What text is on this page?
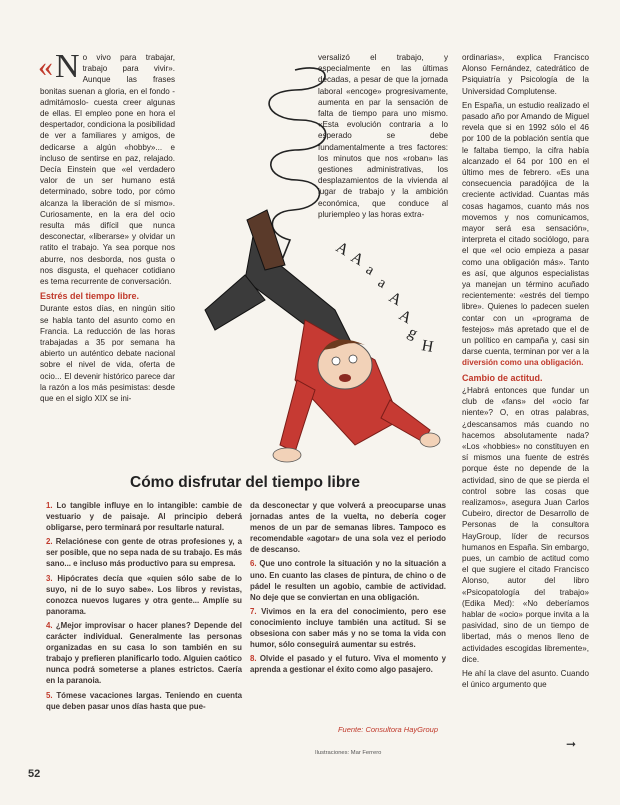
« N o vivo para trabajar, trabajo para vivir». Aunque las frases bonitas suenan a gloria, en el fondo -admitámoslo- cuesta creer algunas de ellas. El empleo pone en hora el despertador, condiciona la posibilidad de ver a familiares y amigos, de dedicarse a algún «hobby»... e incluso de sentirse en paz, relajado. Decía Einstein que «el verdadero valor de un ser humano está determinado, sobre todo, por cómo alcanza la liberación de sí mismo». Curiosamente, en la era del ocio resulta más difícil que nunca desconectar, «liberarse» y olvidar un ratito el trabajo. Ya sea porque nos aburre, nos desborda, nos gusta o nos disgusta, el quehacer cotidiano es tema recurrente de conversación.

Estrés del tiempo libre.

Durante estos días, en ningún sitio se habla tanto del asunto como en Francia. La reducción de las horas trabajadas a 35 por semana ha abierto un auténtico debate nacional sobre el nivel de vida, oferta de ocio... El devenir histórico parece dar la razón a los más pesimistas: desde que en el siglo XIX se ini-

versalizó el trabajo, y especialmente en las últimas décadas, a pesar de que la jornada laboral «encoge» progresivamente, aumenta en par la sensación de falta de tiempo para uno mismo. «Esta evolución contraria a lo esperado se debe fundamentalmente a tres factores: los minutos que nos «roban» las gestiones administrativas, los desplazamientos de la vivienda al lugar de trabajo y la ambición económica, que conduce al pluriempleo y las horas extra-

ordinarias», explica Francisco Alonso Fernández, catedrático de Psiquiatría y Psicología de la Universidad Complutense.

En España, un estudio realizado el pasado año por Amando de Miguel revela que si en 1992 sólo el 46 por 100 de la población sentía que le faltaba tiempo, la cifra había alcanzado el 64 por 100 en el último mes de febrero. «Es una consecuencia paradójica de la creciente actividad. Cuantas más cosas hagamos, cuanto más nos movemos y nos comunicamos, mayor será esa sensación», interpreta el citado sociólogo, para el que «el ocio empieza a pasar como una obligación más». Tanto es así, que algunos especialistas ya manejan un término acuñado recientemente: «estrés del tiempo libre». Quienes lo padecen suelen contar con un «programa de festejos» más apretado que el de un político en campaña y, casi sin darse cuenta, terminan por ver a la diversión como una obligación.

Cambio de actitud.

¿Habrá entonces que fundar un club de «fans» del «ocio far niente»? O, en otras palabras, ¿descansamos más cuando no hacemos absolutamente nada? «Los «hobbies» no constituyen en sí mismos una fuente de estrés porque éste no depende de la actividad, sino de que se pierda el control sobre las cosas que realizamos», asegura Juan Carlos Cubeiro, director de Desarrollo de Personas de la consultora HayGroup, líder de recursos humanos en España. Sin embargo, pues, un cambio de actitud como el que sugiere el citado Francisco Alonso, autor del libro «Psicopatología del trabajo» (Edika Med): «No deberíamos hablar de «ocio» porque invita a la pasividad, sino de un tiempo de libertad, más o menos lleno de actividades escogidas libremente», dice.

He ahí la clave del asunto. Cuando el único argumento que

➞
A
A
a
a
A
A
g
H
Cómo disfrutar del tiempo libre

1. Lo tangible influye en lo intangible: cambie de vestuario y de paisaje. Al principio deberá obligarse, pero terminará por resultarle natural.

2. Relaciónese con gente de otras profesiones y, a ser posible, que no sepa nada de su trabajo. Es más sano... e incluso más productivo para su empresa.

3. Hipócrates decía que «quien sólo sabe de lo suyo, ni de lo suyo sabe». Los libros y revistas, conozca nuevos lugares y otra gente... Amplíe su panorama.

4. ¿Mejor improvisar o hacer planes? Depende del carácter individual. Generalmente las personas organizadas en su casa lo son también en su trabajo y prefieren planificarlo todo. Alguien caótico nunca podrá someterse a planes estrictos. Caería en la paranoia.

5. Tómese vacaciones largas. Teniendo en cuenta que deben pasar unos días hasta que pue-

da desconectar y que volverá a preocuparse unas jornadas antes de la vuelta, no debería coger menos de un par de semanas libres. Tampoco es recomendable «agotar» de una sola vez el periodo de descanso.

6. Que uno controle la situación y no la situación a uno. En cuanto las clases de pintura, de chino o de pádel le resulten un agobio, cambie de actividad. No deje que se conviertan en una obligación.

7. Vivimos en la era del conocimiento, pero ese conocimiento incluye también una actitud. Si se obsesiona con saber más y no se toma la vida con humor, sólo conseguirá aumentar su estrés.

8. Olvide el pasado y el futuro. Viva el momento y aprenda a gestionar el éxito como algo pasajero.

Fuente: Consultora HayGroup
Ilustraciones: Mar Ferrero
52
